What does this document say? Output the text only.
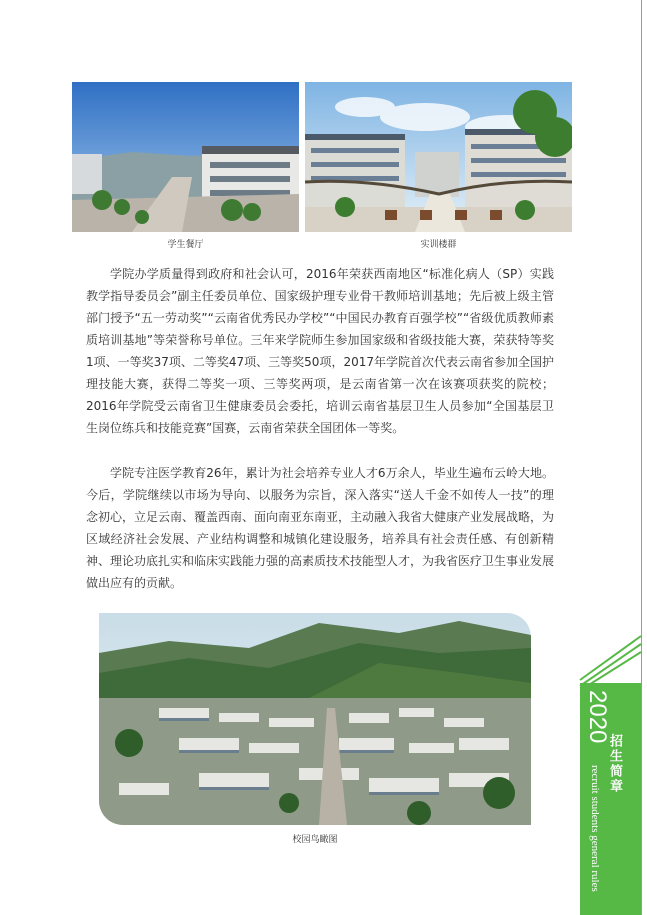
学生餐厅	实训楼群

学院办学质量得到政府和社会认可，2016年荣获西南地区“标准化病人（SP）实践教学指导委员会”副主任委员单位、国家级护理专业骨干教师培训基地；先后被上级主管部门授予“五一劳动奖”“云南省优秀民办学校”“中国民办教育百强学校”“省级优质教师素质培训基地”等荣誉称号单位。三年来学院师生参加国家级和省级技能大赛，荣获特等奖1项、一等奖37项、二等奖47项、三等奖50项，2017年学院首次代表云南省参加全国护理技能大赛，获得二等奖一项、三等奖两项，是云南省第一次在该赛项获奖的院校；2016年学院受云南省卫生健康委员会委托，培训云南省基层卫生人员参加“全国基层卫生岗位练兵和技能竞赛”国赛，云南省荣获全国团体一等奖。

学院专注医学教育26年，累计为社会培养专业人才6万余人，毕业生遍布云岭大地。今后，学院继续以市场为导向、以服务为宗旨，深入落实“送人千金不如传人一技”的理念初心，立足云南、覆盖西南、面向南亚东南亚，主动融入我省大健康产业发展战略，为区域经济社会发展、产业结构调整和城镇化建设服务，培养具有社会责任感、有创新精神、理论功底扎实和临床实践能力强的高素质技术技能型人才，为我省医疗卫生事业发展做出应有的贡献。

校园鸟瞰图
2020
招生简章
recruit students general rules
